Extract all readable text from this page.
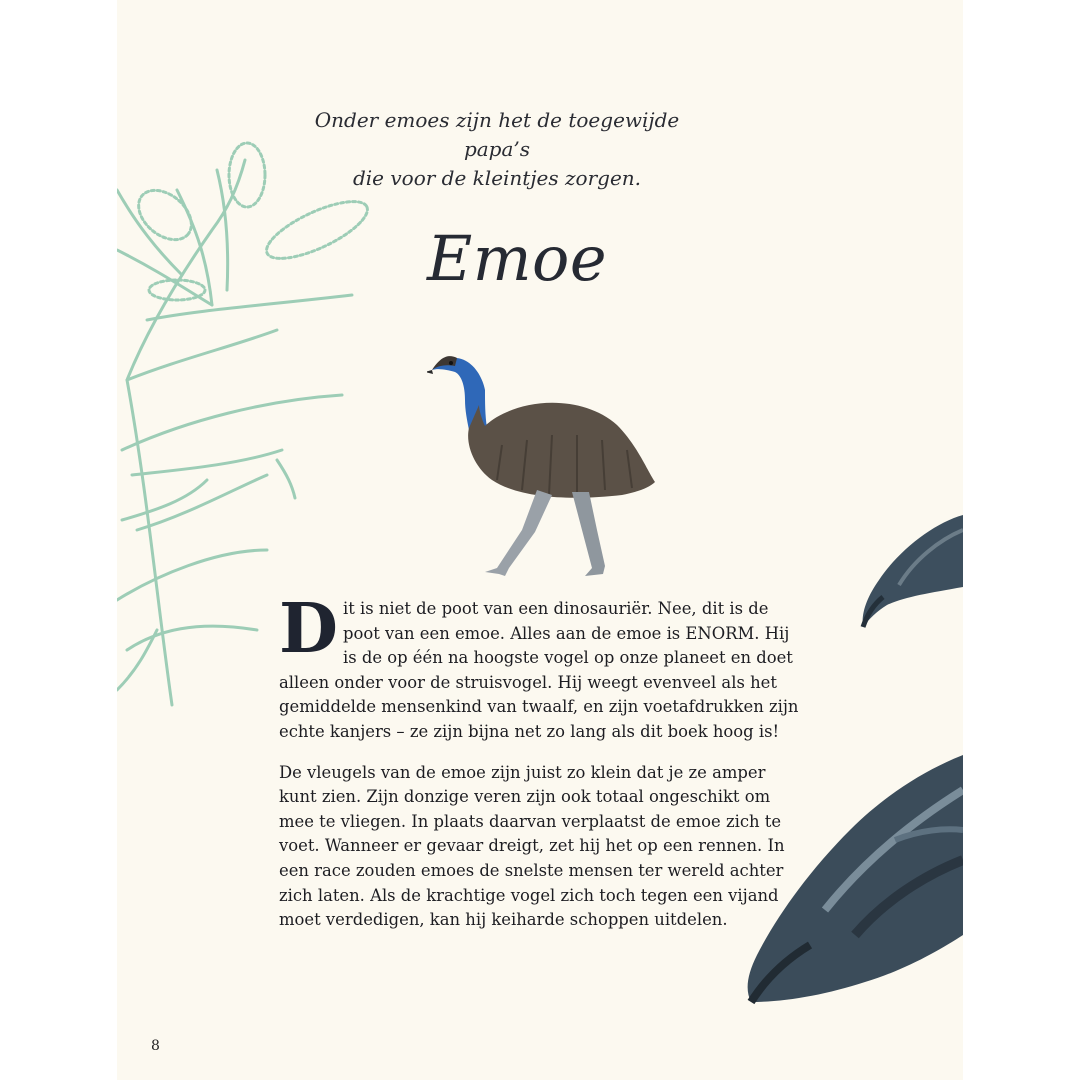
Onder emoes zijn het de toegewijde papa’s
die voor de kleintjes zorgen.
Emoe

Dit is niet de poot van een dinosauriër. Nee, dit is de poot van een emoe. Alles aan de emoe is ENORM. Hij is de op één na hoogste vogel op onze planeet en doet alleen onder voor de struisvogel. Hij weegt evenveel als het gemiddelde mensenkind van twaalf, en zijn voetafdrukken zijn echte kanjers – ze zijn bijna net zo lang als dit boek hoog is!

De vleugels van de emoe zijn juist zo klein dat je ze amper kunt zien. Zijn donzige veren zijn ook totaal ongeschikt om mee te vliegen. In plaats daarvan verplaatst de emoe zich te voet. Wanneer er gevaar dreigt, zet hij het op een rennen. In een race zouden emoes de snelste mensen ter wereld achter zich laten. Als de krachtige vogel zich toch tegen een vijand moet verdedigen, kan hij keiharde schoppen uitdelen.

8
